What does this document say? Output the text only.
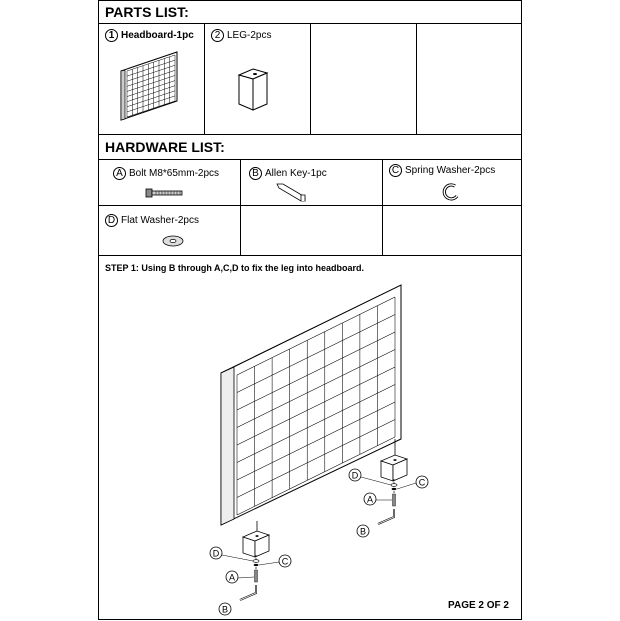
PARTS LIST:
1 Headboard-1pc	2 LEG-2pcs
HARDWARE LIST:
A Bolt M8*65mm-2pcs	B Allen Key-1pc	C Spring Washer-2pcs
D Flat Washer-2pcs
STEP 1: Using B through A,C,D to fix the leg into headboard.
D
C
A
B
D
C
A
B	PAGE 2 OF 2
